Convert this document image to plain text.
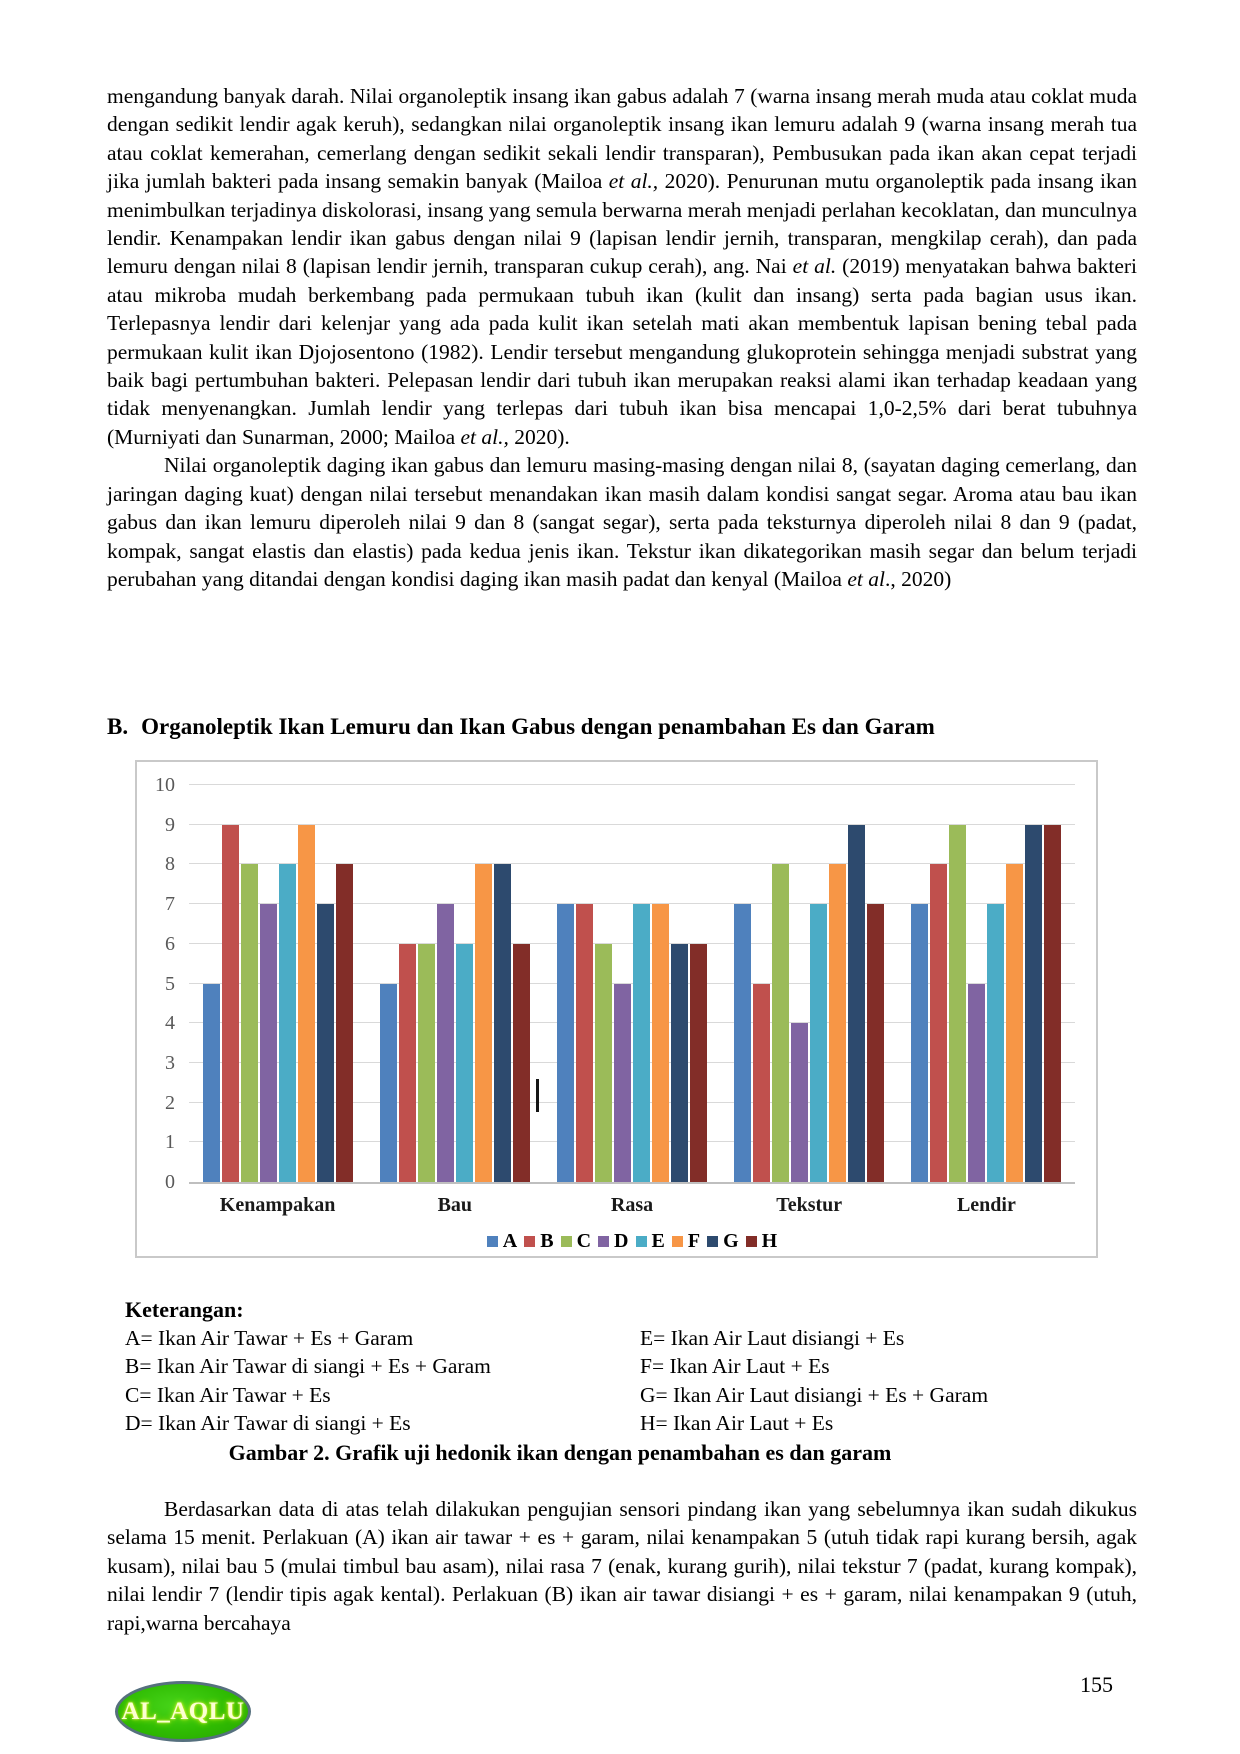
mengandung banyak darah. Nilai organoleptik insang ikan gabus adalah 7 (warna insang merah muda atau coklat muda dengan sedikit lendir agak keruh), sedangkan nilai organoleptik insang ikan lemuru adalah 9 (warna insang merah tua atau coklat kemerahan, cemerlang dengan sedikit sekali lendir transparan), Pembusukan pada ikan akan cepat terjadi jika jumlah bakteri pada insang semakin banyak (Mailoa et al., 2020). Penurunan mutu organoleptik pada insang ikan menimbulkan terjadinya diskolorasi, insang yang semula berwarna merah menjadi perlahan kecoklatan, dan munculnya lendir. Kenampakan lendir ikan gabus dengan nilai 9 (lapisan lendir jernih, transparan, mengkilap cerah), dan pada lemuru dengan nilai 8 (lapisan lendir jernih, transparan cukup cerah), ang. Nai et al. (2019) menyatakan bahwa bakteri atau mikroba mudah berkembang pada permukaan tubuh ikan (kulit dan insang) serta pada bagian usus ikan. Terlepasnya lendir dari kelenjar yang ada pada kulit ikan setelah mati akan membentuk lapisan bening tebal pada permukaan kulit ikan Djojosentono (1982). Lendir tersebut mengandung glukoprotein sehingga menjadi substrat yang baik bagi pertumbuhan bakteri. Pelepasan lendir dari tubuh ikan merupakan reaksi alami ikan terhadap keadaan yang tidak menyenangkan. Jumlah lendir yang terlepas dari tubuh ikan bisa mencapai 1,0-2,5% dari berat tubuhnya (Murniyati dan Sunarman, 2000; Mailoa et al., 2020).

Nilai organoleptik daging ikan gabus dan lemuru masing-masing dengan nilai 8, (sayatan daging cemerlang, dan jaringan daging kuat) dengan nilai tersebut menandakan ikan masih dalam kondisi sangat segar. Aroma atau bau ikan gabus dan ikan lemuru diperoleh nilai 9 dan 8 (sangat segar), serta pada teksturnya diperoleh nilai 8 dan 9 (padat, kompak, sangat elastis dan elastis) pada kedua jenis ikan. Tekstur ikan dikategorikan masih segar dan belum terjadi perubahan yang ditandai dengan kondisi daging ikan masih padat dan kenyal (Mailoa et al., 2020)

B. Organoleptik Ikan Lemuru dan Ikan Gabus dengan penambahan Es dan Garam
0
1
2
3
4
5
6
7
8
9
10
Kenampakan	Bau	Rasa	Tekstur	Lendir
A B C D E F G H
Keterangan:
A= Ikan Air Tawar + Es + Garam	E= Ikan Air Laut disiangi + Es
B= Ikan Air Tawar di siangi + Es + Garam	F= Ikan Air Laut + Es
C= Ikan Air Tawar + Es	G= Ikan Air Laut disiangi + Es + Garam
D= Ikan Air Tawar di siangi + Es	H= Ikan Air Laut + Es
Gambar 2. Grafik uji hedonik ikan dengan penambahan es dan garam

Berdasarkan data di atas telah dilakukan pengujian sensori pindang ikan yang sebelumnya ikan sudah dikukus selama 15 menit. Perlakuan (A) ikan air tawar + es + garam, nilai kenampakan 5 (utuh tidak rapi kurang bersih, agak kusam), nilai bau 5 (mulai timbul bau asam), nilai rasa 7 (enak, kurang gurih), nilai tekstur 7 (padat, kurang kompak), nilai lendir 7 (lendir tipis agak kental). Perlakuan (B) ikan air tawar disiangi + es + garam, nilai kenampakan 9 (utuh, rapi,warna bercahaya

AL_AQLU
155
